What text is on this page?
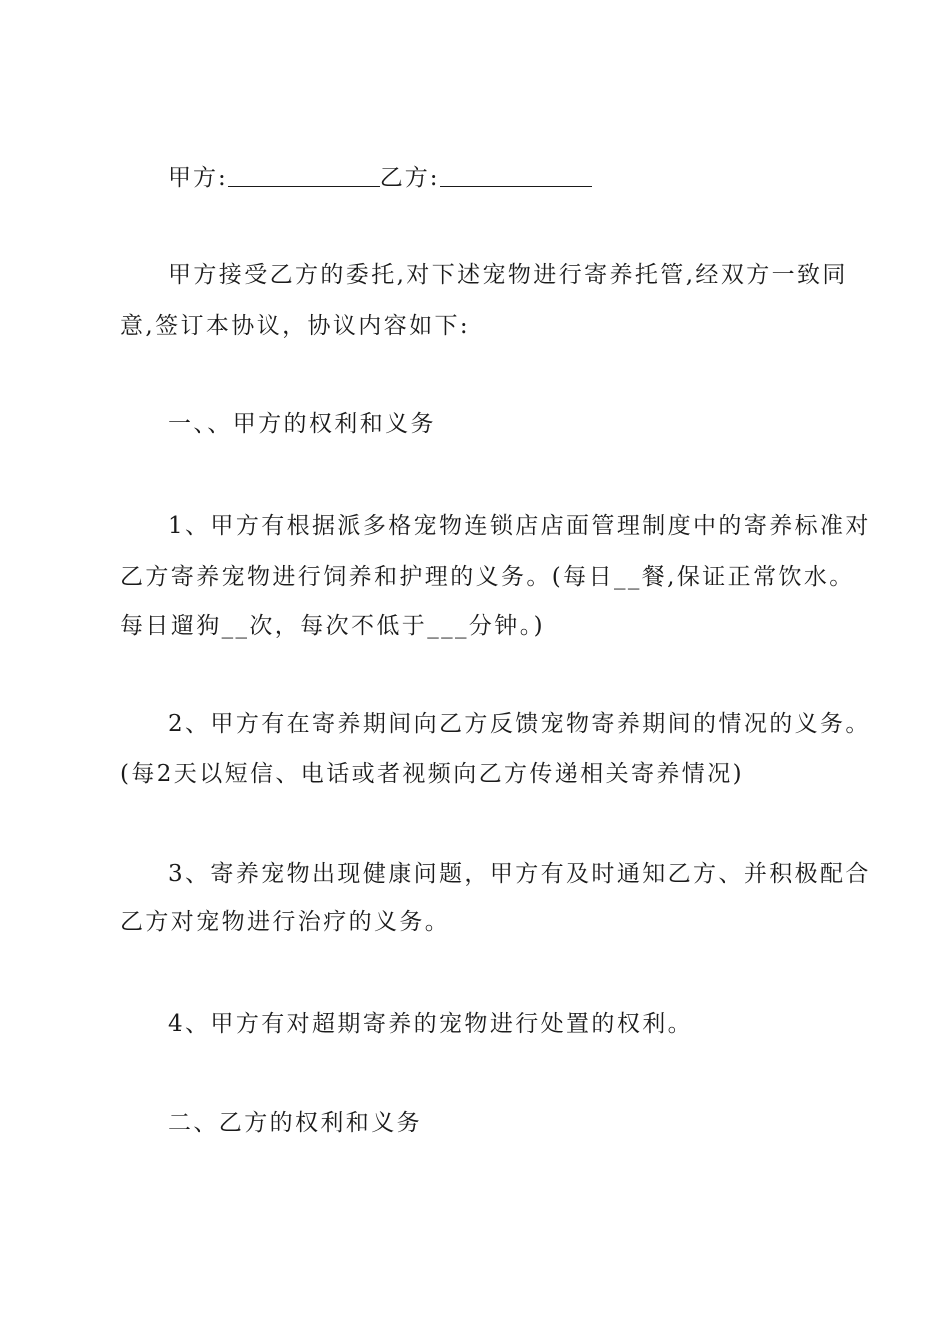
甲方:	乙方:
甲方接受乙方的委托,对下述宠物进行寄养托管,经双方一致同
意,签订本协议，协议内容如下:
一、、甲方的权利和义务
1、甲方有根据派多格宠物连锁店店面管理制度中的寄养标准对
乙方寄养宠物进行饲养和护理的义务。(每日__餐,保证正常饮水。
每日遛狗__次，每次不低于___分钟。)
2、甲方有在寄养期间向乙方反馈宠物寄养期间的情况的义务。
(每2天以短信、电话或者视频向乙方传递相关寄养情况)
3、寄养宠物出现健康问题，甲方有及时通知乙方、并积极配合
乙方对宠物进行治疗的义务。
4、甲方有对超期寄养的宠物进行处置的权利。
二、乙方的权利和义务
